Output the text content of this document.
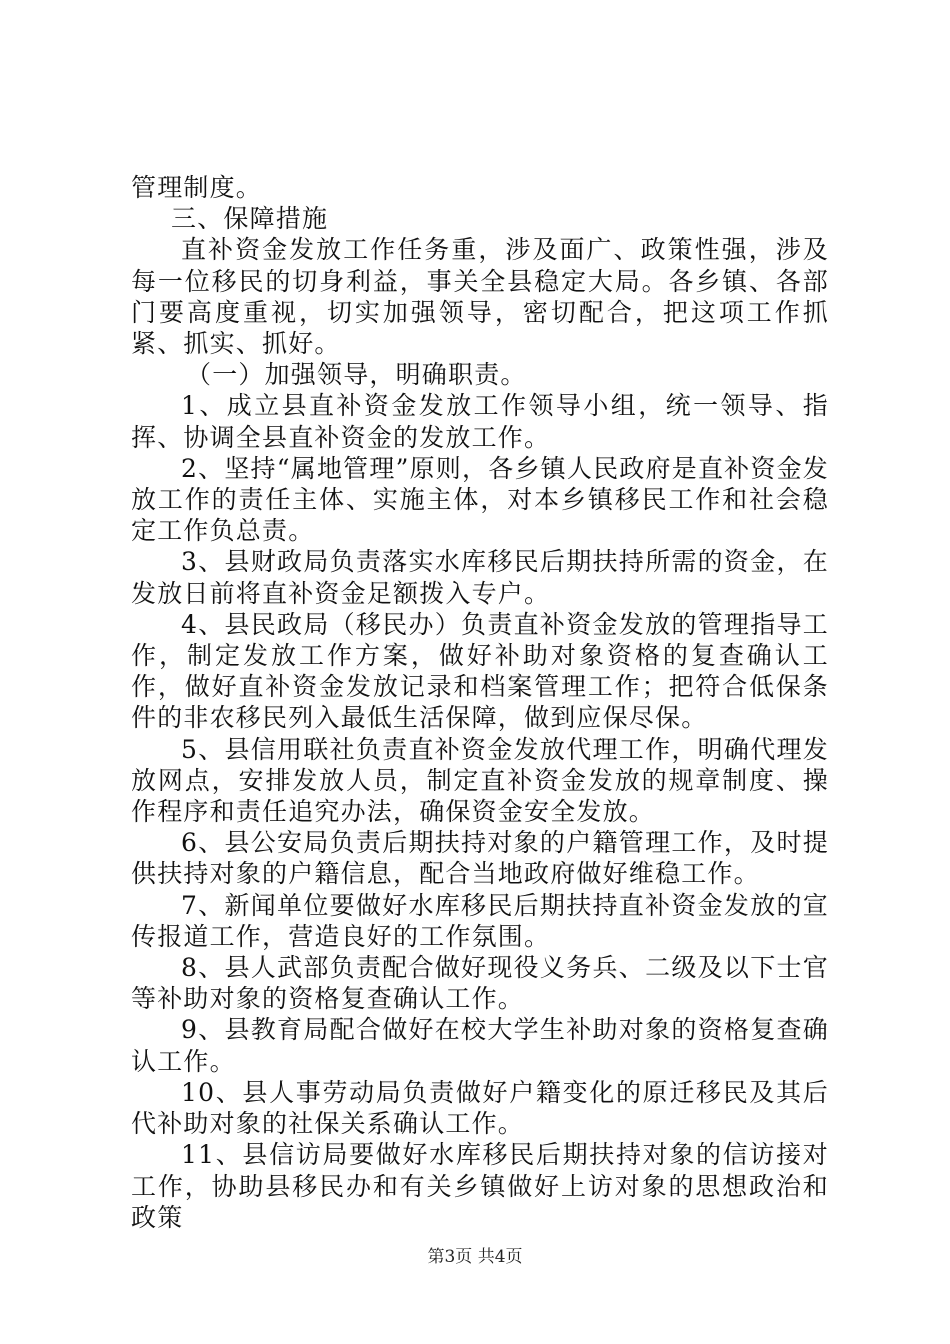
管理制度。

三、保障措施

直补资金发放工作任务重，涉及面广、政策性强，涉及每一位移民的切身利益，事关全县稳定大局。各乡镇、各部门要高度重视，切实加强领导，密切配合，把这项工作抓紧、抓实、抓好。

（一）加强领导，明确职责。

1、成立县直补资金发放工作领导小组，统一领导、指挥、协调全县直补资金的发放工作。

2、坚持“属地管理”原则，各乡镇人民政府是直补资金发放工作的责任主体、实施主体，对本乡镇移民工作和社会稳定工作负总责。

3、县财政局负责落实水库移民后期扶持所需的资金，在发放日前将直补资金足额拨入专户。

4、县民政局（移民办）负责直补资金发放的管理指导工作，制定发放工作方案，做好补助对象资格的复查确认工作，做好直补资金发放记录和档案管理工作；把符合低保条件的非农移民列入最低生活保障，做到应保尽保。

5、县信用联社负责直补资金发放代理工作，明确代理发放网点，安排发放人员，制定直补资金发放的规章制度、操作程序和责任追究办法，确保资金安全发放。

6、县公安局负责后期扶持对象的户籍管理工作，及时提供扶持对象的户籍信息，配合当地政府做好维稳工作。

7、新闻单位要做好水库移民后期扶持直补资金发放的宣传报道工作，营造良好的工作氛围。

8、县人武部负责配合做好现役义务兵、二级及以下士官等补助对象的资格复查确认工作。

9、县教育局配合做好在校大学生补助对象的资格复查确认工作。

10、县人事劳动局负责做好户籍变化的原迁移民及其后代补助对象的社保关系确认工作。

11、县信访局要做好水库移民后期扶持对象的信访接对工作，协助县移民办和有关乡镇做好上访对象的思想政治和政策

第3页 共4页
